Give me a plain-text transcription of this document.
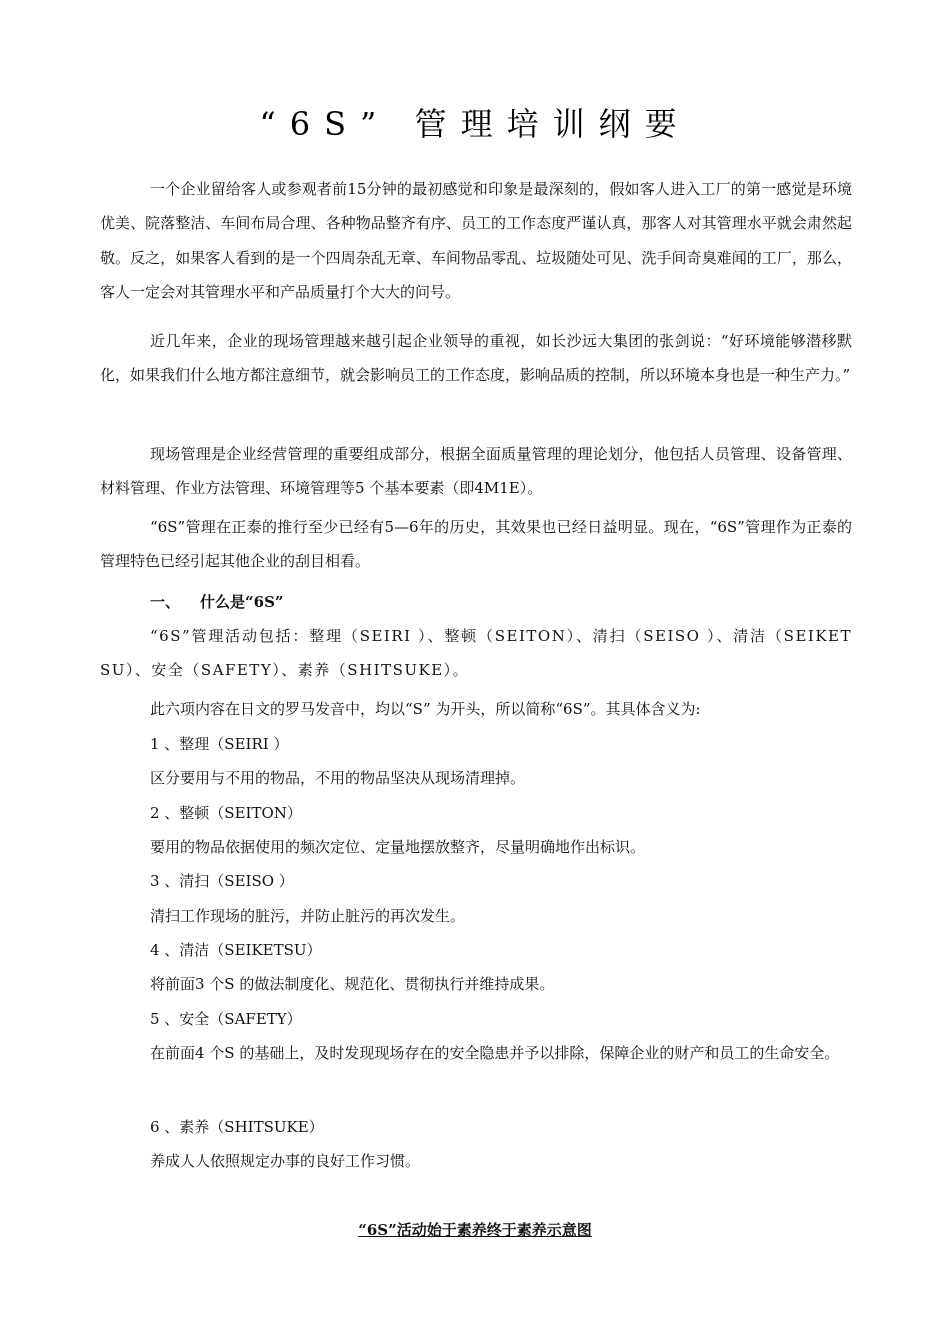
“6S” 管理培训纲要

一个企业留给客人或参观者前15分钟的最初感觉和印象是最深刻的，假如客人进入工厂的第一感觉是环境优美、院落整洁、车间布局合理、各种物品整齐有序、员工的工作态度严谨认真，那客人对其管理水平就会肃然起敬。反之，如果客人看到的是一个四周杂乱无章、车间物品零乱、垃圾随处可见、洗手间奇臭难闻的工厂，那么，客人一定会对其管理水平和产品质量打个大大的问号。

近几年来，企业的现场管理越来越引起企业领导的重视，如长沙远大集团的张剑说：“好环境能够潜移默化，如果我们什么地方都注意细节，就会影响员工的工作态度，影响品质的控制，所以环境本身也是一种生产力。”

现场管理是企业经营管理的重要组成部分，根据全面质量管理的理论划分，他包括人员管理、设备管理、材料管理、作业方法管理、环境管理等5 个基本要素（即4M1E）。

“6S”管理在正泰的推行至少已经有5—6年的历史，其效果也已经日益明显。现在，“6S”管理作为正泰的管理特色已经引起其他企业的刮目相看。

一、 什么是“6S”

“6S”管理活动包括：整理（SEIRI ）、整顿（SEITON）、清扫（SEISO ）、清洁（SEIKETSU）、安全（SAFETY）、素养（SHITSUKE）。

此六项内容在日文的罗马发音中，均以“S” 为开头，所以简称“6S”。其具体含义为:

1 、整理（SEIRI ）

区分要用与不用的物品，不用的物品坚决从现场清理掉。

2 、整顿（SEITON）

要用的物品依据使用的频次定位、定量地摆放整齐，尽量明确地作出标识。

3 、清扫（SEISO ）

清扫工作现场的脏污，并防止脏污的再次发生。

4 、清洁（SEIKETSU）

将前面3 个S 的做法制度化、规范化、贯彻执行并维持成果。

5 、安全（SAFETY）

在前面4 个S 的基础上，及时发现现场存在的安全隐患并予以排除，保障企业的财产和员工的生命安全。

6 、素养（SHITSUKE）

养成人人依照规定办事的良好工作习惯。

“6S”活动始于素养终于素养示意图
